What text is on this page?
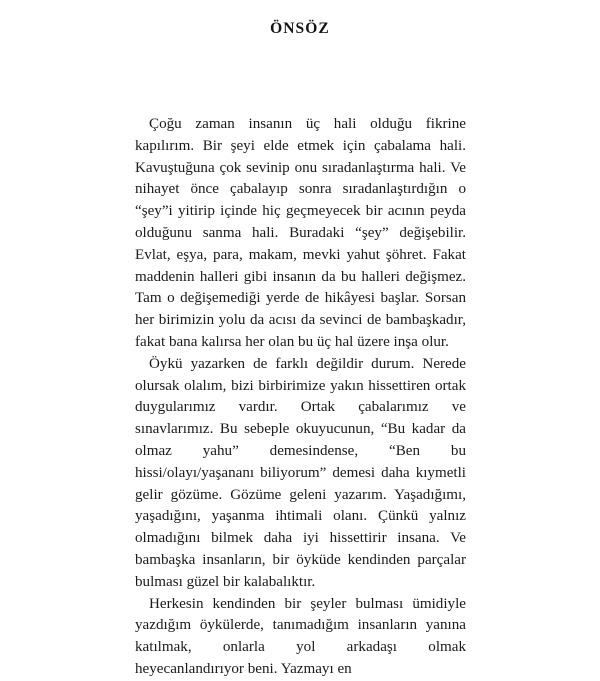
ÖNSÖZ

Çoğu zaman insanın üç hali olduğu fikrine kapılırım. Bir şeyi elde etmek için çabalama hali. Kavuştuğuna çok sevinip onu sıradanlaştırma hali. Ve nihayet önce çabalayıp sonra sıradanlaştırdığın o “şey”i yitirip içinde hiç geçmeyecek bir acının peyda olduğunu sanma hali. Buradaki “şey” değişebilir. Evlat, eşya, para, makam, mevki yahut şöhret. Fakat maddenin halleri gibi insanın da bu halleri değişmez. Tam o değişemediği yerde de hikâyesi başlar. Sorsan her birimizin yolu da acısı da sevinci de bambaşkadır, fakat bana kalırsa her olan bu üç hal üzere inşa olur.

Öykü yazarken de farklı değildir durum. Nerede olursak olalım, bizi birbirimize yakın hissettiren ortak duygularımız vardır. Ortak çabalarımız ve sınavlarımız. Bu sebeple okuyucunun, “Bu kadar da olmaz yahu” demesindense, “Ben bu hissi/olayı/yaşananı biliyorum” demesi daha kıymetli gelir gözüme. Gözüme geleni yazarım. Yaşadığımı, yaşadığını, yaşanma ihtimali olanı. Çünkü yalnız olmadığını bilmek daha iyi hissettirir insana. Ve bambaşka insanların, bir öyküde kendinden parçalar bulması güzel bir kalabalıktır.

Herkesin kendinden bir şeyler bulması ümidiyle yazdığım öykülerde, tanımadığım insanların yanına katılmak, onlarla yol arkadaşı olmak heyecanlandırıyor beni. Yazmayı en
